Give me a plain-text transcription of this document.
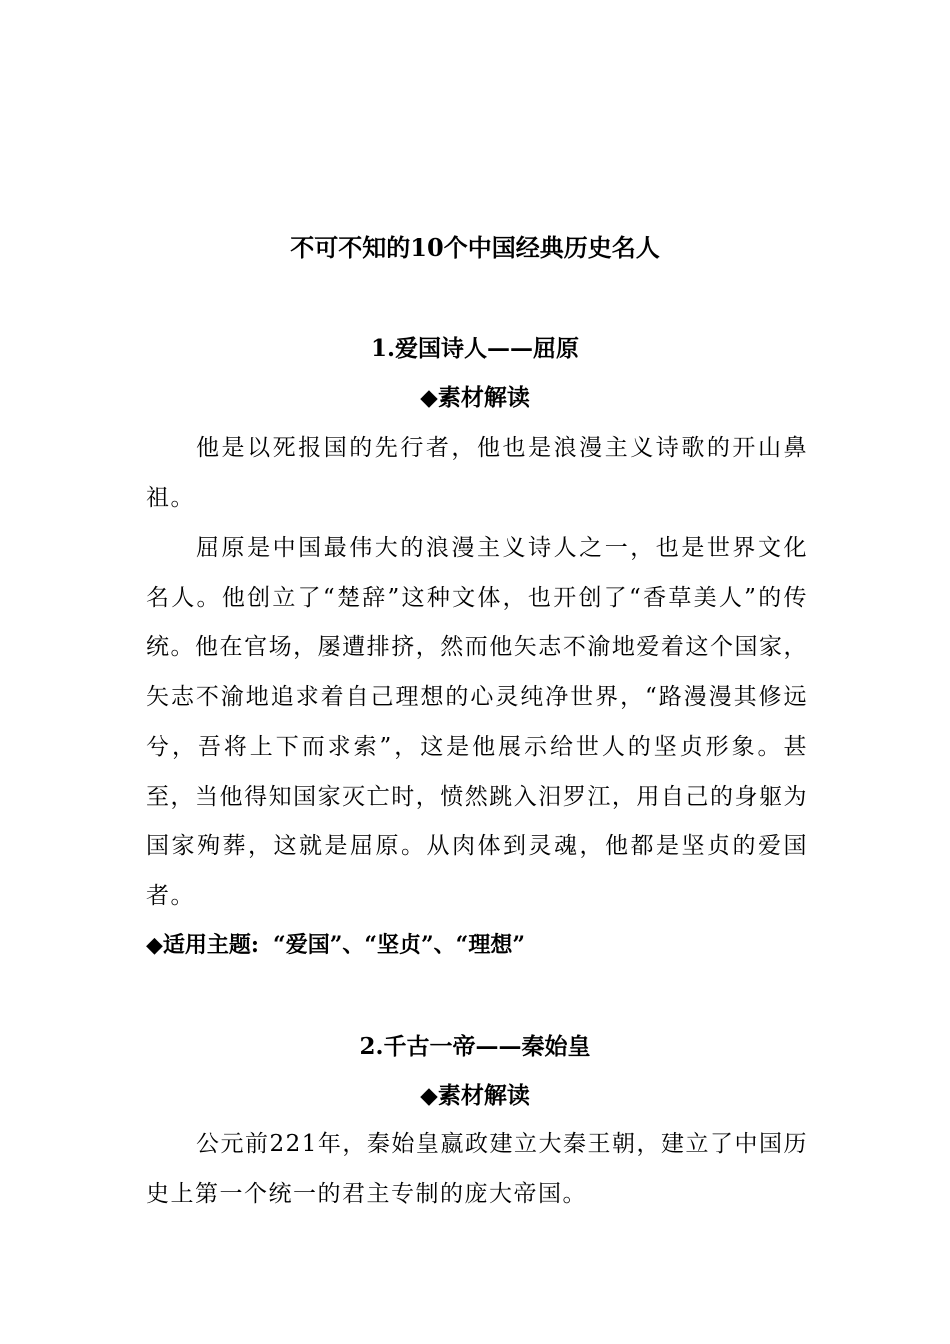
不可不知的10个中国经典历史名人
1.爱国诗人——屈原
◆素材解读

他是以死报国的先行者，他也是浪漫主义诗歌的开山鼻祖。

屈原是中国最伟大的浪漫主义诗人之一，也是世界文化名人。他创立了“楚辞”这种文体，也开创了“香草美人”的传统。他在官场，屡遭排挤，然而他矢志不渝地爱着这个国家，矢志不渝地追求着自己理想的心灵纯净世界，“路漫漫其修远兮，吾将上下而求索”，这是他展示给世人的坚贞形象。甚至，当他得知国家灭亡时，愤然跳入汨罗江，用自己的身躯为国家殉葬，这就是屈原。从肉体到灵魂，他都是坚贞的爱国者。

◆适用主题: “爱国”、“坚贞”、“理想”
2.千古一帝——秦始皇
◆素材解读

公元前221年，秦始皇嬴政建立大秦王朝，建立了中国历史上第一个统一的君主专制的庞大帝国。
